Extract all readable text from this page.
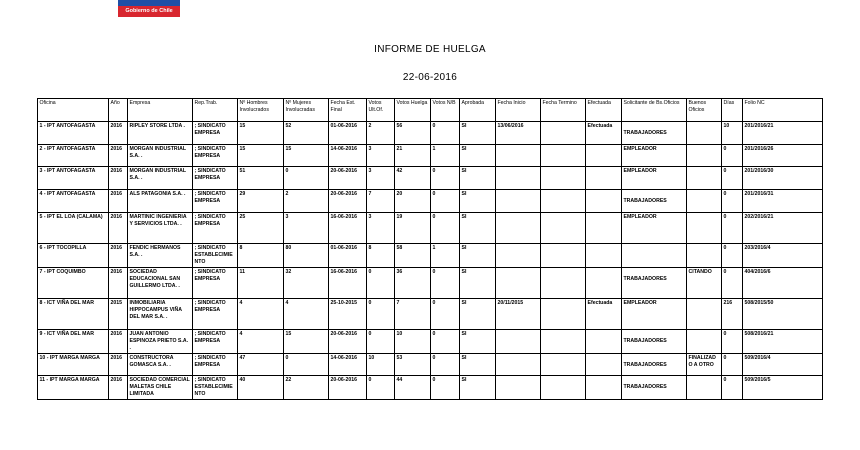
Gobierno de Chile
INFORME DE HUELGA
22-06-2016
Oficina	Año	Empresa	Rep.Trab.	Nº Hombres Involucrados	Nº Mujeres Involucradas	Fecha Est. Final	Votos Ult.Of.	Votos Huelga	Votos N/B	Aprobada	Fecha Inicio	Fecha Termino	Efectuada	Solicitante de Bs.Oficios	Buenos Oficios	Días	Folio NC
1 - IPT ANTOFAGASTA	2016	RIPLEY STORE LTDA .	; SINDICATO EMPRESA	15	52	01-06-2016	2	56	0	SI	13/06/2016		Efectuada	TRABAJADORES		10	201/2016/21
2 - IPT ANTOFAGASTA	2016	MORGAN INDUSTRIAL S.A. .	; SINDICATO EMPRESA	15	15	14-06-2016	3	21	1	SI				EMPLEADOR		0	201/2016/26
3 - IPT ANTOFAGASTA	2016	MORGAN INDUSTRIAL S.A. .	; SINDICATO EMPRESA	51	0	20-06-2016	3	42	0	SI				EMPLEADOR		0	201/2016/30
4 - IPT ANTOFAGASTA	2016	ALS PATAGONIA S.A. .	; SINDICATO EMPRESA	29	2	20-06-2016	7	20	0	SI				TRABAJADORES		0	201/2016/31
5 - IPT EL LOA (CALAMA)	2016	MARTINIC INGENIERIA Y SERVICIOS LTDA. .	; SINDICATO EMPRESA	25	3	16-06-2016	3	19	0	SI				EMPLEADOR		0	202/2016/21
6 - IPT TOCOPILLA	2016	FENDIC HERMANOS S.A. .	; SINDICATO ESTABLECIMIENTO	8	80	01-06-2016	8	58	1	SI						0	203/2016/4
7 - IPT COQUIMBO	2016	SOCIEDAD EDUCACIONAL SAN GUILLERMO LTDA. .	; SINDICATO EMPRESA	11	32	16-06-2016	0	36	0	SI				TRABAJADORES	CITANDO	0	404/2016/6
8 - ICT VIÑA DEL MAR	2015	INMOBILIARIA HIPPOCAMPUS VIÑA DEL MAR S.A. .	; SINDICATO EMPRESA	4	4	25-10-2015	0	7	0	SI	20/11/2015		Efectuada	EMPLEADOR		216	508/2015/50
9 - ICT VIÑA DEL MAR	2016	JUAN ANTONIO ESPINOZA PRIETO S.A. .	; SINDICATO EMPRESA	4	15	20-06-2016	0	10	0	SI				TRABAJADORES		0	508/2016/21
10 - IPT MARGA MARGA	2016	CONSTRUCTORA GOMASCA S.A. .	; SINDICATO EMPRESA	47	0	14-06-2016	10	53	0	SI				TRABAJADORES	FINALIZADO A OTRO	0	509/2016/4
11 - IPT MARGA MARGA	2016	SOCIEDAD COMERCIAL MALETAS CHILE LIMITADA	; SINDICATO ESTABLECIMIENTO	40	22	20-06-2016	0	44	0	SI				TRABAJADORES		0	509/2016/5
